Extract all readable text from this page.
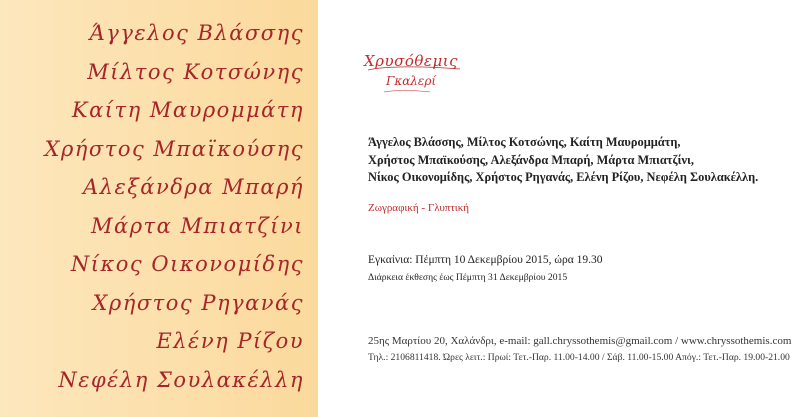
Άγγελος Βλάσσης
Μίλτος Κοτσώνης
Καίτη Μαυρομμάτη
Χρήστος Μπαϊκούσης
Αλεξάνδρα Μπαρή
Μάρτα Μπιατζίνι
Νίκος Οικονομίδης
Χρήστος Ρηγανάς
Ελένη Ρίζου
Νεφέλη Σουλακέλλη
Χρυσόθεμις
Γκαλερί
Άγγελος Βλάσσης, Μίλτος Κοτσώνης, Καίτη Μαυρομμάτη,
Χρήστος Μπαϊκούσης, Αλεξάνδρα Μπαρή, Μάρτα Μπιατζίνι,
Νίκος Οικονομίδης, Χρήστος Ρηγανάς, Ελένη Ρίζου, Νεφέλη Σουλακέλλη.
Ζωγραφική - Γλυπτική
Εγκαίνια: Πέμπτη 10 Δεκεμβρίου 2015, ώρα 19.30
Διάρκεια έκθεσης έως Πέμπτη 31 Δεκεμβρίου 2015
25ης Μαρτίου 20, Χαλάνδρι, e-mail: gall.chryssothemis@gmail.com / www.chryssothemis.com
Τηλ.: 2106811418. Ώρες λειτ.: Πρωί: Τετ.-Παρ. 11.00-14.00 / Σάβ. 11.00-15.00 Απόγ.: Τετ.-Παρ. 19.00-21.00
